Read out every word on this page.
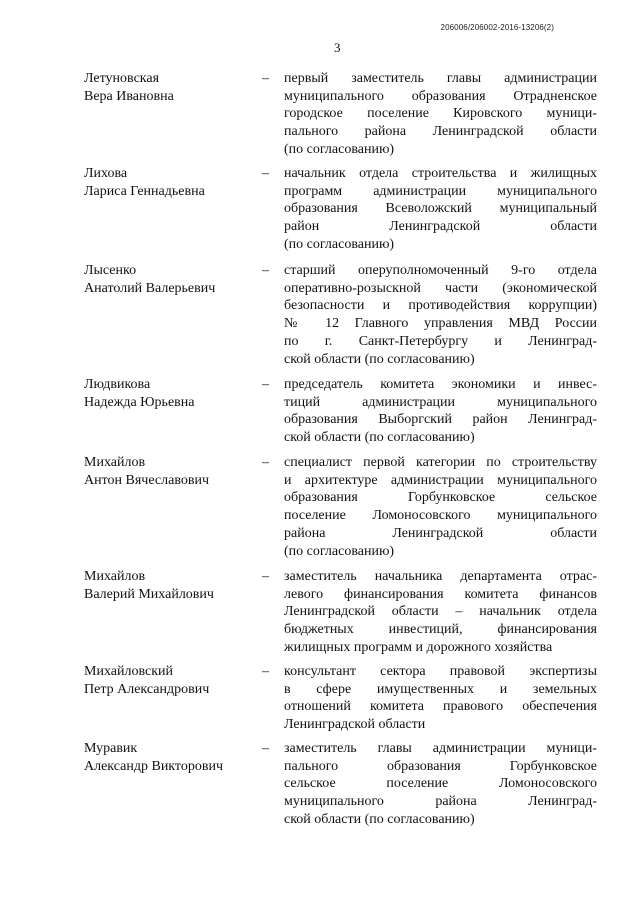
206006/206002-2016-13206(2)
3
Летуновская
Вера Ивановна
–	первый заместитель главы администрации
муниципального образования Отрадненское
городское поселение Кировского муници-
пального района Ленинградской области
(по согласованию)
Лихова
Лариса Геннадьевна
–	начальник отдела строительства и жилищных
программ администрации муниципального
образования Всеволожский муниципальный
район Ленинградской области
(по согласованию)
Лысенко
Анатолий Валерьевич
–	старший оперуполномоченный 9-го отдела
оперативно-розыскной части (экономической
безопасности и противодействия коррупции)
№ 12 Главного управления МВД России
по г. Санкт-Петербургу и Ленинград-
ской области (по согласованию)
Людвикова
Надежда Юрьевна
–	председатель комитета экономики и инвес-
тиций администрации муниципального
образования Выборгский район Ленинград-
ской области (по согласованию)
Михайлов
Антон Вячеславович
–	специалист первой категории по строительству
и архитектуре администрации муниципального
образования Горбунковское сельское
поселение Ломоносовского муниципального
района Ленинградской области
(по согласованию)
Михайлов
Валерий Михайлович
–	заместитель начальника департамента отрас-
левого финансирования комитета финансов
Ленинградской области – начальник отдела
бюджетных инвестиций, финансирования
жилищных программ и дорожного хозяйства
Михайловский
Петр Александрович
–	консультант сектора правовой экспертизы
в сфере имущественных и земельных
отношений комитета правового обеспечения
Ленинградской области
Муравик
Александр Викторович
–	заместитель главы администрации муници-
пального образования Горбунковское
сельское поселение Ломоносовского
муниципального района Ленинград-
ской области (по согласованию)
